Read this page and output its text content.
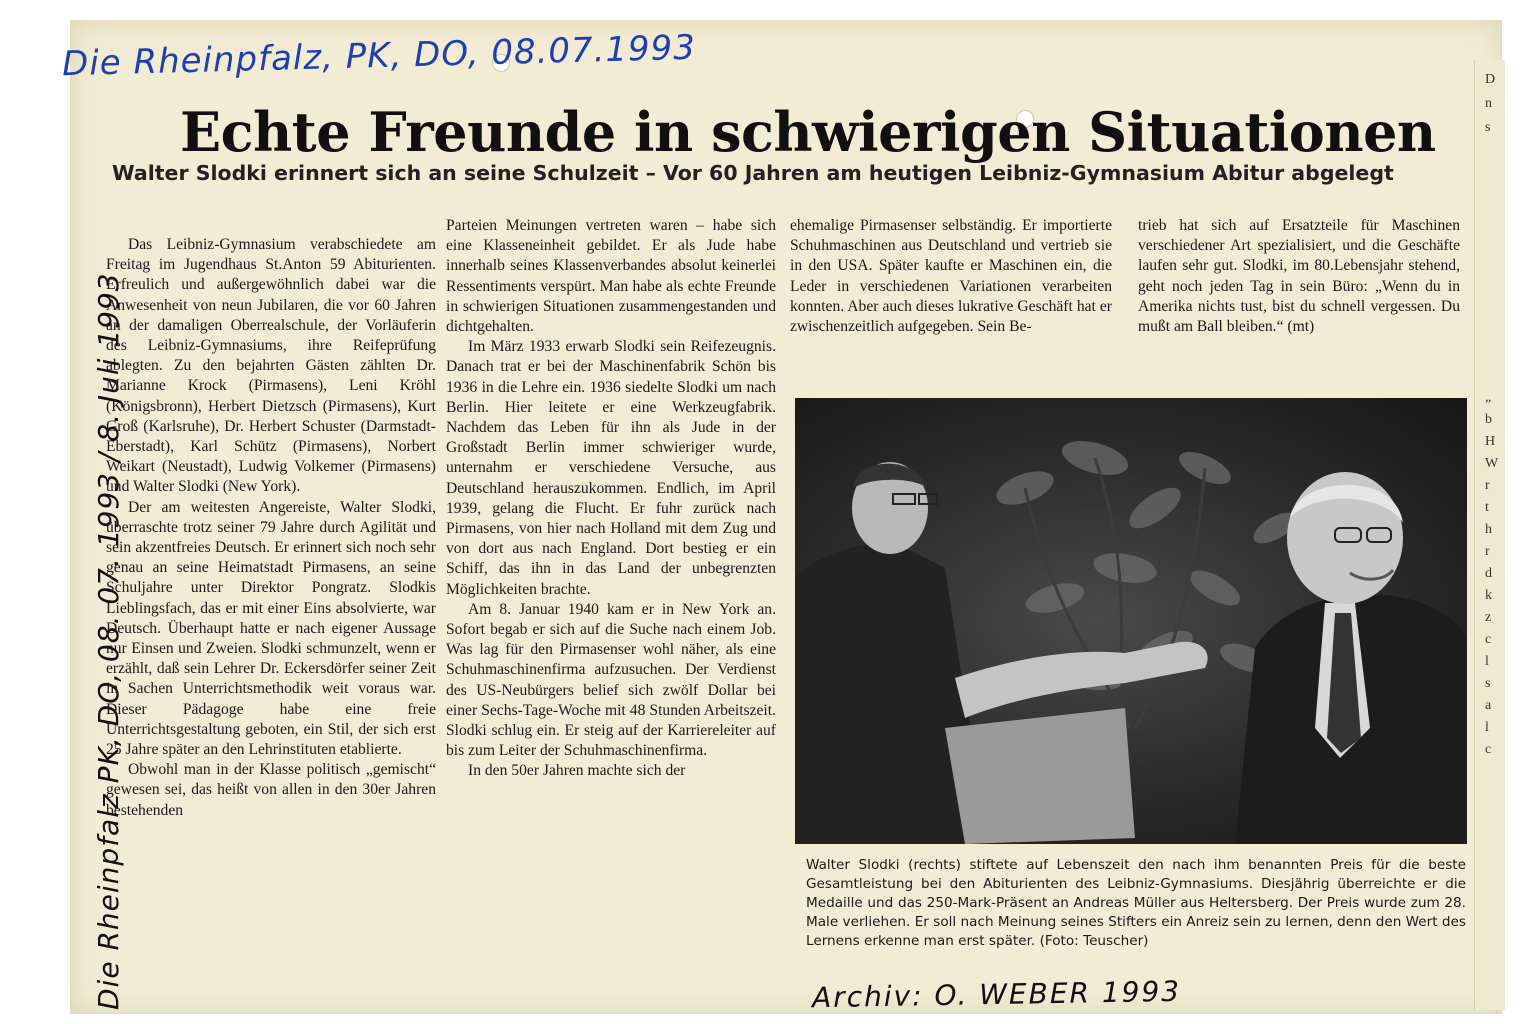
D
n
s
„
b
H
W
r
t
h
r
d
k
z
c
l
s
a
l
c
Die Rheinpfalz, PK, DO, 08.07.1993
Die Rheinpfalz PK, DO, 08. 07. 1993 / 8. Juli 1993	Archiv: O. WEBER 1993
Echte Freunde in schwierigen Situationen
Walter Slodki erinnert sich an seine Schulzeit – Vor 60 Jahren am heutigen Leibniz-Gymnasium Abitur abgelegt

Das Leibniz-Gymnasium verabschiedete am Freitag im Jugendhaus St.Anton 59 Abiturienten. Erfreulich und außergewöhnlich dabei war die Anwesenheit von neun Jubilaren, die vor 60 Jahren an der damaligen Oberrealschule, der Vorläuferin des Leibniz-Gymnasiums, ihre Reifeprüfung ablegten. Zu den bejahrten Gästen zählten Dr. Marianne Krock (Pirmasens), Leni Kröhl (Königsbronn), Herbert Dietzsch (Pirmasens), Kurt Groß (Karlsruhe), Dr. Herbert Schuster (Darmstadt-Eberstadt), Karl Schütz (Pirmasens), Norbert Weikart (Neustadt), Ludwig Volkemer (Pirmasens) und Walter Slodki (New York).

Der am weitesten Angereiste, Walter Slodki, überraschte trotz seiner 79 Jahre durch Agilität und sein akzentfreies Deutsch. Er erinnert sich noch sehr genau an seine Heimatstadt Pirmasens, an seine Schuljahre unter Direktor Pongratz. Slodkis Lieblingsfach, das er mit einer Eins absolvierte, war Deutsch. Überhaupt hatte er nach eigener Aussage nur Einsen und Zweien. Slodki schmunzelt, wenn er erzählt, daß sein Lehrer Dr. Eckersdörfer seiner Zeit in Sachen Unterrichtsmethodik weit voraus war. Dieser Pädagoge habe eine freie Unterrichtsgestaltung geboten, ein Stil, der sich erst 25 Jahre später an den Lehrinstituten etablierte.

Obwohl man in der Klasse politisch „gemischt“ gewesen sei, das heißt von allen in den 30er Jahren bestehenden

Parteien Meinungen vertreten waren – habe sich eine Klasseneinheit gebildet. Er als Jude habe innerhalb seines Klassenverbandes absolut keinerlei Ressentiments verspürt. Man habe als echte Freunde in schwierigen Situationen zusammengestanden und dichtgehalten.

Im März 1933 erwarb Slodki sein Reifezeugnis. Danach trat er bei der Maschinenfabrik Schön bis 1936 in die Lehre ein. 1936 siedelte Slodki um nach Berlin. Hier leitete er eine Werkzeugfabrik. Nachdem das Leben für ihn als Jude in der Großstadt Berlin immer schwieriger wurde, unternahm er verschiedene Versuche, aus Deutschland herauszukommen. Endlich, im April 1939, gelang die Flucht. Er fuhr zurück nach Pirmasens, von hier nach Holland mit dem Zug und von dort aus nach England. Dort bestieg er ein Schiff, das ihn in das Land der unbegrenzten Möglichkeiten brachte.

Am 8. Januar 1940 kam er in New York an. Sofort begab er sich auf die Suche nach einem Job. Was lag für den Pirmasenser wohl näher, als eine Schuhmaschinenfirma aufzusuchen. Der Verdienst des US-Neubürgers belief sich zwölf Dollar bei einer Sechs-Tage-Woche mit 48 Stunden Arbeitszeit. Slodki schlug ein. Er steig auf der Karriereleiter auf bis zum Leiter der Schuhmaschinenfirma.

In den 50er Jahren machte sich der

ehemalige Pirmasenser selbständig. Er importierte Schuhmaschinen aus Deutschland und vertrieb sie in den USA. Später kaufte er Maschinen ein, die Leder in verschiedenen Variationen verarbeiten konnten. Aber auch dieses lukrative Geschäft hat er zwischenzeitlich aufgegeben. Sein Be-

trieb hat sich auf Ersatzteile für Maschinen verschiedener Art spezialisiert, und die Geschäfte laufen sehr gut. Slodki, im 80.Lebensjahr stehend, geht noch jeden Tag in sein Büro: „Wenn du in Amerika nichts tust, bist du schnell vergessen. Du mußt am Ball bleiben.“ (mt)

Walter Slodki (rechts) stiftete auf Lebenszeit den nach ihm benannten Preis für die beste Gesamtleistung bei den Abiturienten des Leibniz-Gymnasiums. Diesjährig überreichte er die Medaille und das 250-Mark-Präsent an Andreas Müller aus Heltersberg. Der Preis wurde zum 28. Male verliehen. Er soll nach Meinung seines Stifters ein Anreiz sein zu lernen, denn den Wert des Lernens erkenne man erst später. (Foto: Teuscher)
